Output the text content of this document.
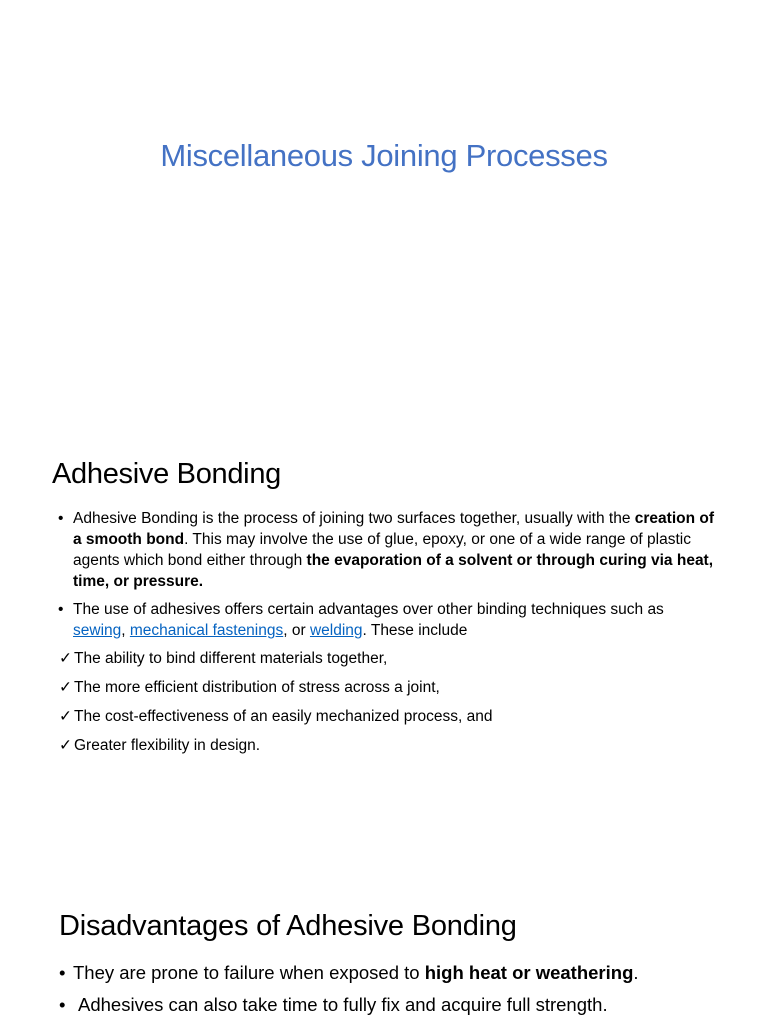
Miscellaneous Joining Processes
Adhesive Bonding
• Adhesive Bonding is the process of joining two surfaces together, usually with the creation of a smooth bond. This may involve the use of glue, epoxy, or one of a wide range of plastic agents which bond either through the evaporation of a solvent or through curing via heat, time, or pressure.
• The use of adhesives offers certain advantages over other binding techniques such as sewing, mechanical fastenings, or welding. These include
✓ The ability to bind different materials together,
✓ The more efficient distribution of stress across a joint,
✓ The cost-effectiveness of an easily mechanized process, and
✓ Greater flexibility in design.
Disadvantages of Adhesive Bonding
• They are prone to failure when exposed to high heat or weathering.
• Adhesives can also take time to fully fix and acquire full strength.
